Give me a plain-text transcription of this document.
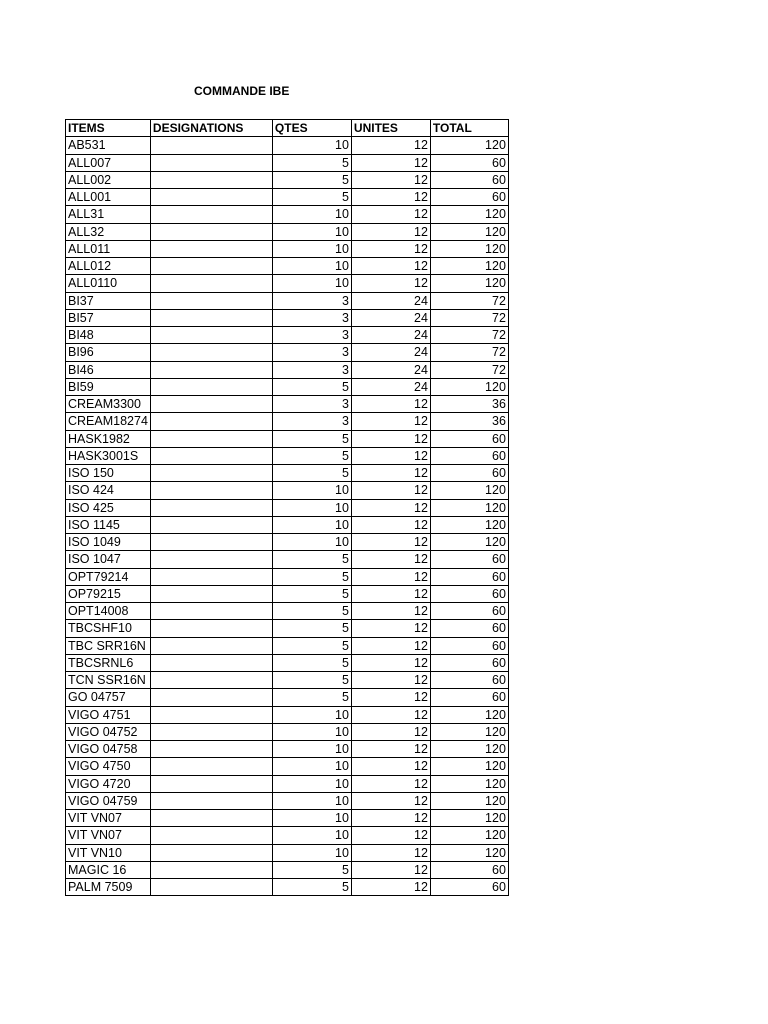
COMMANDE IBE
ITEMS	DESIGNATIONS	QTES	UNITES	TOTAL
AB531		10	12	120
ALL007		5	12	60
ALL002		5	12	60
ALL001		5	12	60
ALL31		10	12	120
ALL32		10	12	120
ALL011		10	12	120
ALL012		10	12	120
ALL0110		10	12	120
BI37		3	24	72
BI57		3	24	72
BI48		3	24	72
BI96		3	24	72
BI46		3	24	72
BI59		5	24	120
CREAM3300		3	12	36
CREAM18274		3	12	36
HASK1982		5	12	60
HASK3001S		5	12	60
ISO 150		5	12	60
ISO 424		10	12	120
ISO 425		10	12	120
ISO 1145		10	12	120
ISO 1049		10	12	120
ISO 1047		5	12	60
OPT79214		5	12	60
OP79215		5	12	60
OPT14008		5	12	60
TBCSHF10		5	12	60
TBC SRR16N		5	12	60
TBCSRNL6		5	12	60
TCN SSR16N		5	12	60
GO 04757		5	12	60
VIGO 4751		10	12	120
VIGO 04752		10	12	120
VIGO 04758		10	12	120
VIGO 4750		10	12	120
VIGO 4720		10	12	120
VIGO 04759		10	12	120
VIT VN07		10	12	120
VIT VN07		10	12	120
VIT VN10		10	12	120
MAGIC 16		5	12	60
PALM 7509		5	12	60
